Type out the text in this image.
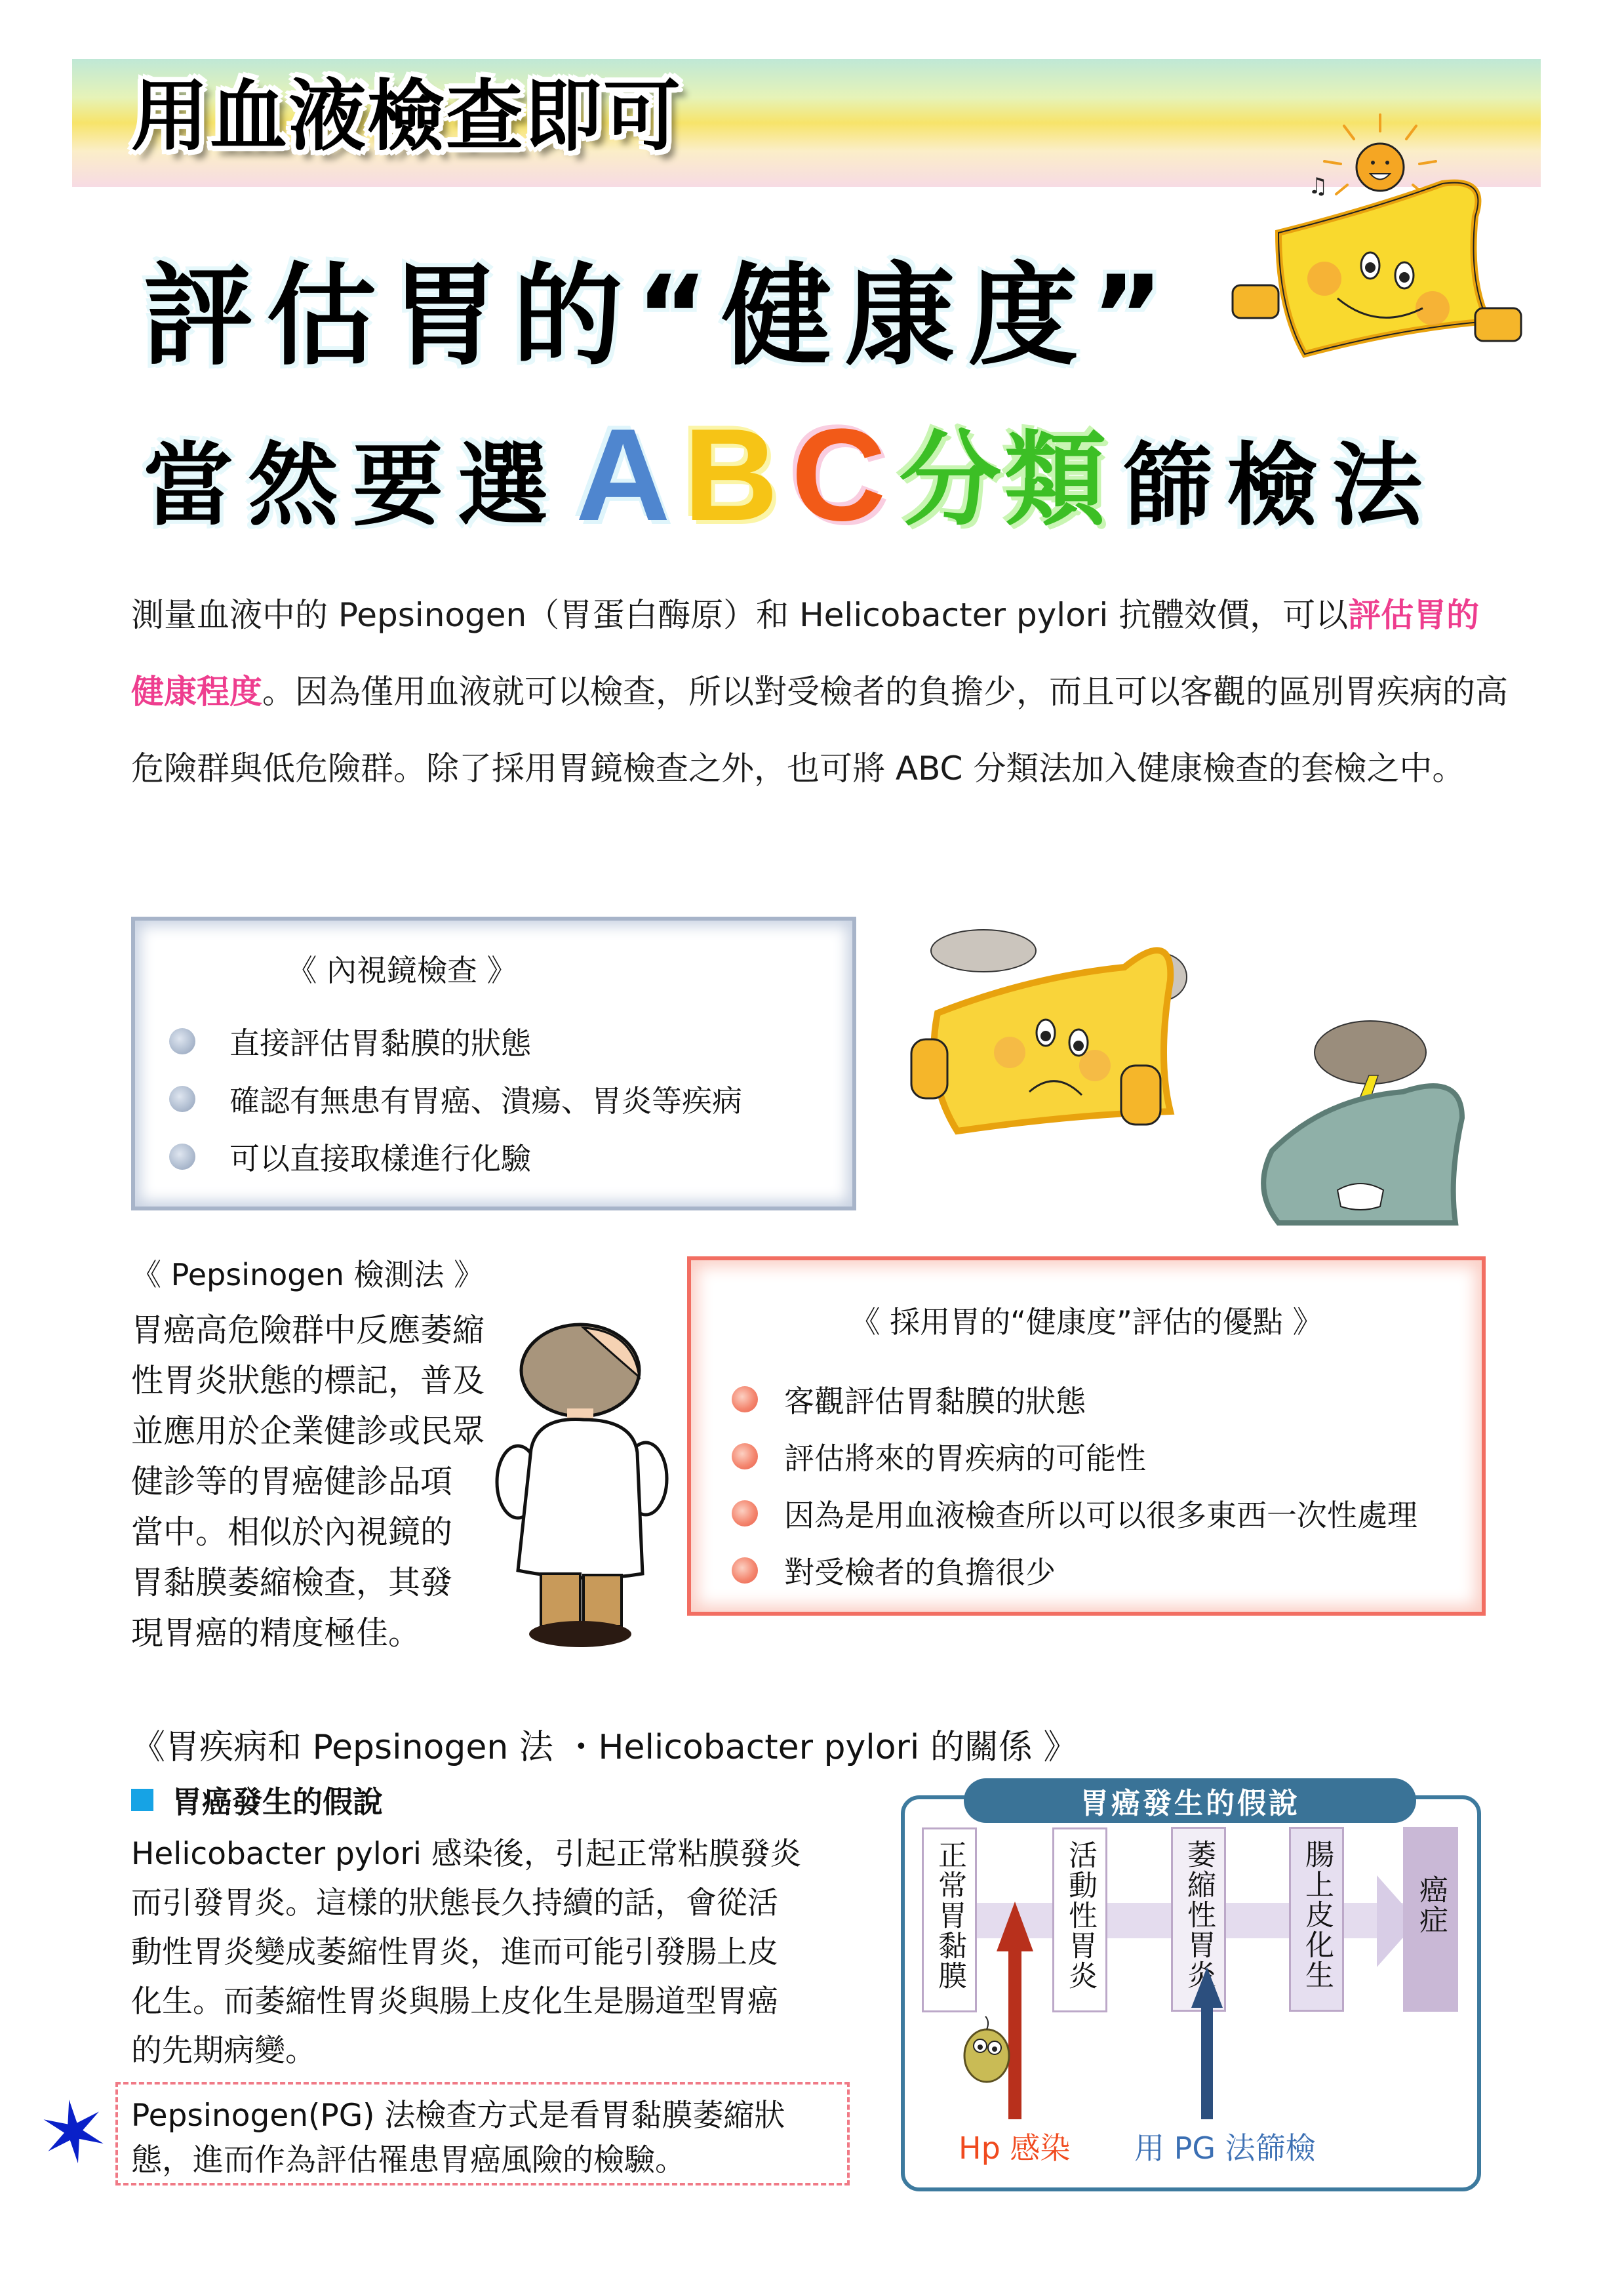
用血液檢查即可
♫
評估胃的“健康度”
當然要選 A B C 分類 篩檢法

測量血液中的 Pepsinogen（胃蛋白酶原）和 Helicobacter pylori 抗體效價，可以評估胃的健康程度。因為僅用血液就可以檢查，所以對受檢者的負擔少，而且可以客觀的區別胃疾病的高危險群與低危險群。除了採用胃鏡檢查之外，也可將 ABC 分類法加入健康檢查的套檢之中。

《 內視鏡檢查 》
直接評估胃黏膜的狀態
確認有無患有胃癌、潰瘍、胃炎等疾病
可以直接取樣進行化驗
《 Pepsinogen 檢測法 》
胃癌高危險群中反應萎縮
性胃炎狀態的標記，普及
並應用於企業健診或民眾
健診等的胃癌健診品項
當中。相似於內視鏡的
胃黏膜萎縮檢查，其發
現胃癌的精度極佳。
《 採用胃的“健康度”評估的優點 》
客觀評估胃黏膜的狀態
評估將來的胃疾病的可能性
因為是用血液檢查所以可以很多東西一次性處理
對受檢者的負擔很少
《胃疾病和 Pepsinogen 法 ・Helicobacter pylori 的關係 》
胃癌發生的假說
Helicobacter pylori 感染後，引起正常粘膜發炎
而引發胃炎。這樣的狀態長久持續的話，會從活
動性胃炎變成萎縮性胃炎，進而可能引發腸上皮
化生。而萎縮性胃炎與腸上皮化生是腸道型胃癌
的先期病變。
✶ Pepsinogen(PG) 法檢查方式是看胃黏膜萎縮狀
態，進而作為評估罹患胃癌風險的檢驗。
胃癌發生的假說
正常胃黏膜	活動性胃炎	萎縮性胃炎	腸上皮化生	癌症
Hp 感染 用 PG 法篩檢
